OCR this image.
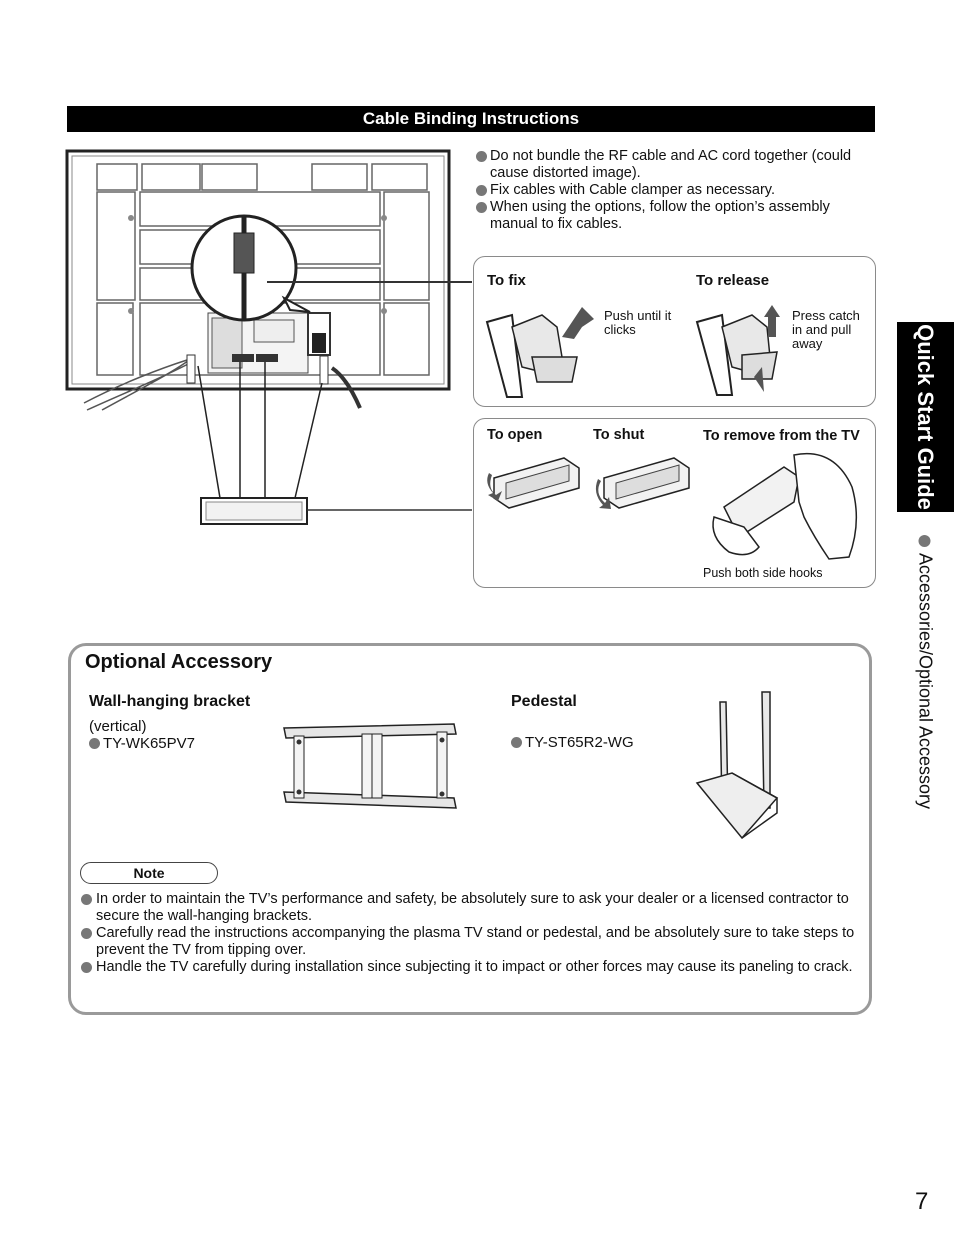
Cable Binding Instructions
Do not bundle the RF cable and AC cord together (could cause distorted image).
Fix cables with Cable clamper as necessary.
When using the options, follow the option’s assembly manual to fix cables.
To fix	To release
Push until it clicks
Press catch in and pull away
To open	To shut	To remove from the TV
Push both side hooks
Optional Accessory
Wall-hanging bracket
(vertical)
TY-WK65PV7
Pedestal
TY-ST65R2-WG
Note
In order to maintain the TV’s performance and safety, be absolutely sure to ask your dealer or a licensed contractor to secure the wall-hanging brackets.
Carefully read the instructions accompanying the plasma TV stand or pedestal, and be absolutely sure to take steps to prevent the TV from tipping over.
Handle the TV carefully during installation since subjecting it to impact or other forces may cause its paneling to crack.
Quick Start Guide
Accessories/Optional Accessory
7
